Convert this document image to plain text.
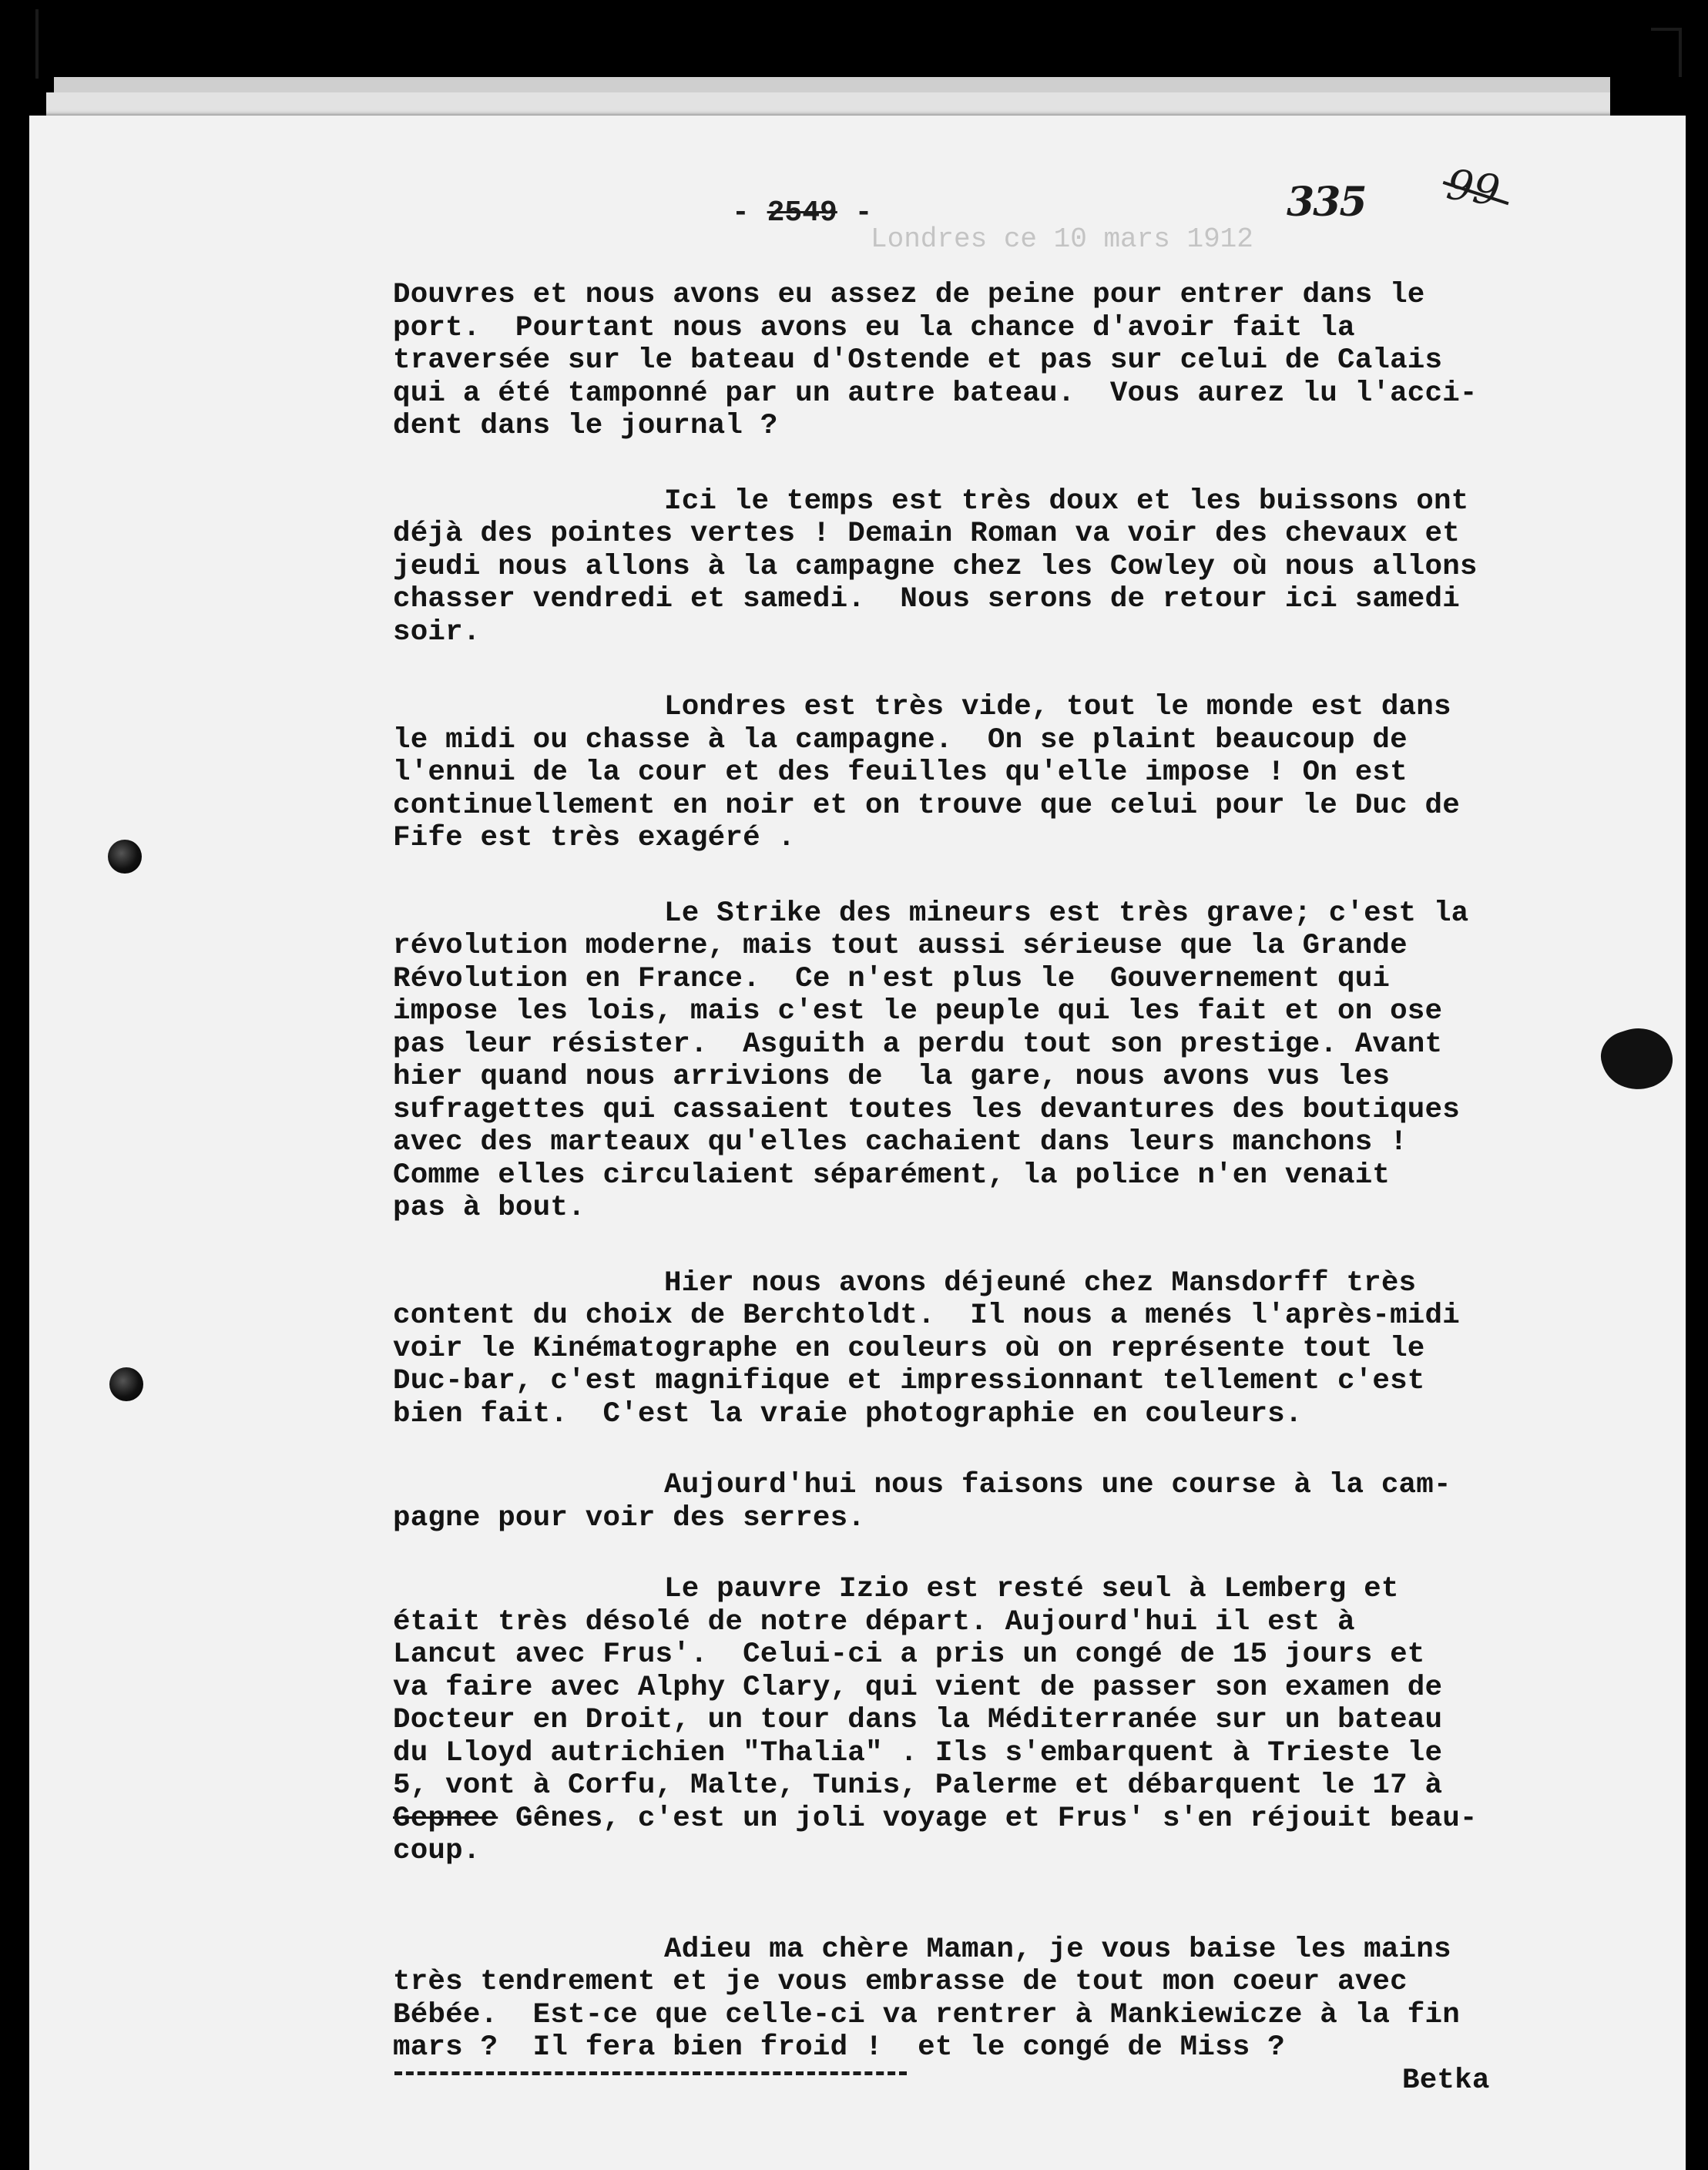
Londres ce 10 mars 1912
- 2549 -	335 99
Douvres et nous avons eu assez de peine pour entrer dans le
port.  Pourtant nous avons eu la chance d'avoir fait la
traversée sur le bateau d'Ostende et pas sur celui de Calais
qui a été tamponné par un autre bateau.  Vous aurez lu l'acci-
dent dans le journal ?
Ici le temps est très doux et les buissons ont
déjà des pointes vertes ! Demain Roman va voir des chevaux et
jeudi nous allons à la campagne chez les Cowley où nous allons
chasser vendredi et samedi.  Nous serons de retour ici samedi
soir.
Londres est très vide, tout le monde est dans
le midi ou chasse à la campagne.  On se plaint beaucoup de
l'ennui de la cour et des feuilles qu'elle impose ! On est
continuellement en noir et on trouve que celui pour le Duc de
Fife est très exagéré .
Le Strike des mineurs est très grave; c'est la
révolution moderne, mais tout aussi sérieuse que la Grande
Révolution en France.  Ce n'est plus le  Gouvernement qui
impose les lois, mais c'est le peuple qui les fait et on ose
pas leur résister.  Asguith a perdu tout son prestige. Avant
hier quand nous arrivions de  la gare, nous avons vus les
sufragettes qui cassaient toutes les devantures des boutiques
avec des marteaux qu'elles cachaient dans leurs manchons !
Comme elles circulaient séparément, la police n'en venait
pas à bout.
Hier nous avons déjeuné chez Mansdorff très
content du choix de Berchtoldt.  Il nous a menés l'après-midi
voir le Kinématographe en couleurs où on représente tout le
Duc-bar, c'est magnifique et impressionnant tellement c'est
bien fait.  C'est la vraie photographie en couleurs.
Aujourd'hui nous faisons une course à la cam-
pagne pour voir des serres.
Le pauvre Izio est resté seul à Lemberg et
était très désolé de notre départ. Aujourd'hui il est à
Lancut avec Frus'.  Celui-ci a pris un congé de 15 jours et
va faire avec Alphy Clary, qui vient de passer son examen de
Docteur en Droit, un tour dans la Méditerranée sur un bateau
du Lloyd autrichien "Thalia" . Ils s'embarquent à Trieste le
5, vont à Corfu, Malte, Tunis, Palerme et débarquent le 17 à
Gepnee Gênes, c'est un joli voyage et Frus' s'en réjouit beau-
coup.
Adieu ma chère Maman, je vous baise les mains
très tendrement et je vous embrasse de tout mon coeur avec
Bébée.  Est-ce que celle-ci va rentrer à Mankiewicze à la fin
mars ?  Il fera bien froid !  et le congé de Miss ?
Betka
